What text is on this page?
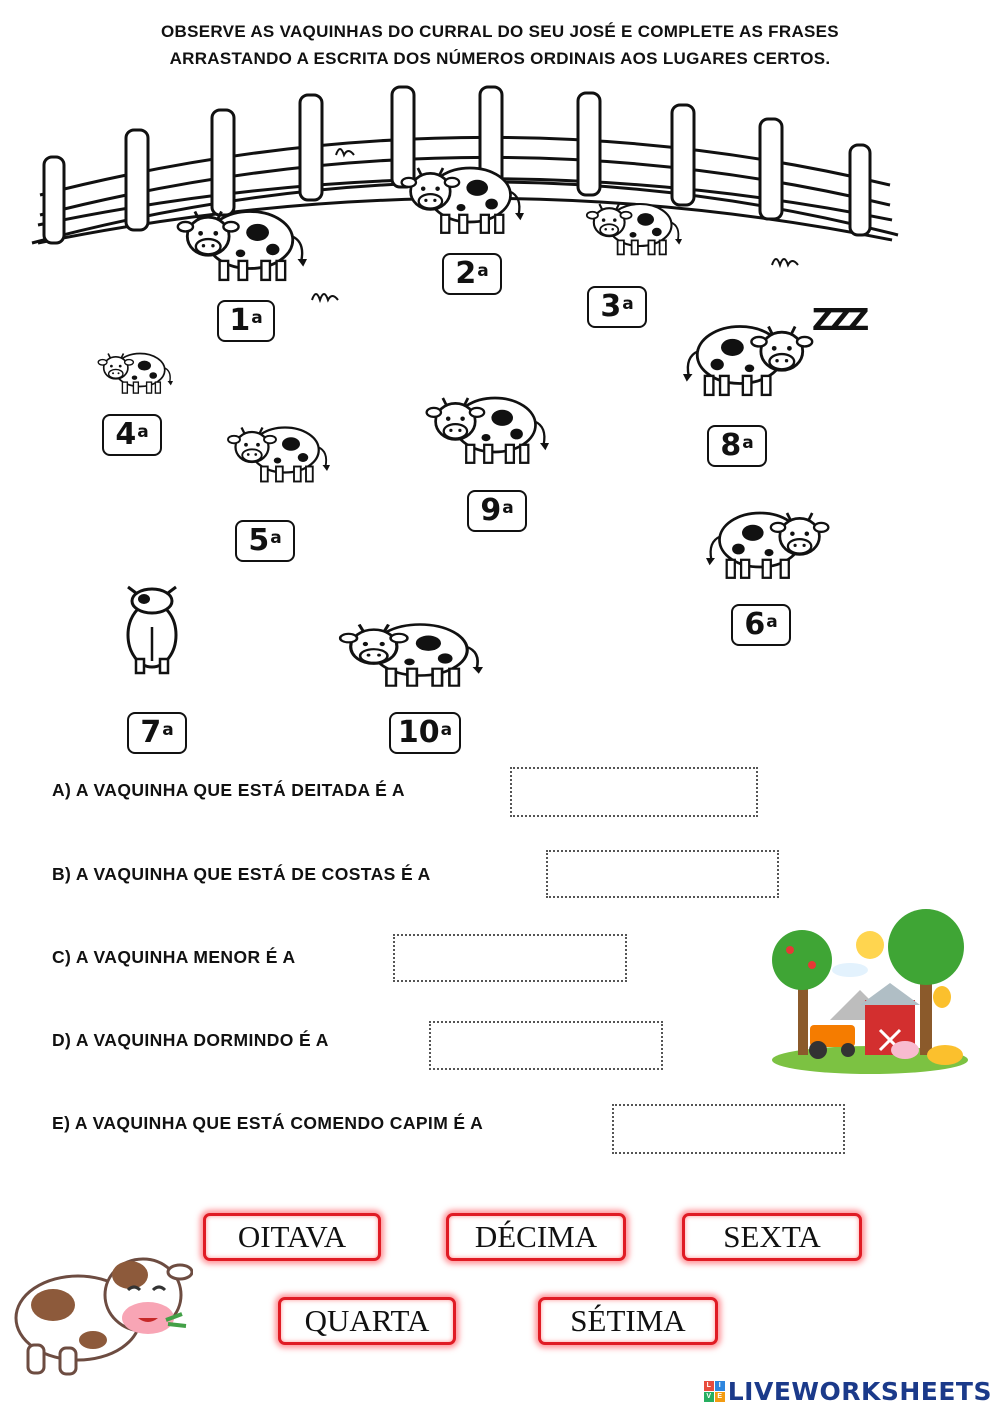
OBSERVE AS VAQUINHAS DO CURRAL DO SEU JOSÉ E COMPLETE AS FRASES
ARRASTANDO A ESCRITA DOS NÚMEROS ORDINAIS AOS LUGARES CERTOS.
ZZZ
1$^a$
2$^a$
3$^a$
4$^a$
5$^a$
6$^a$
7$^a$
8$^a$
9$^a$
10$^a$
A) A VAQUINHA QUE ESTÁ DEITADA É A
B) A VAQUINHA QUE ESTÁ DE COSTAS É A
C) A VAQUINHA MENOR É A
D) A VAQUINHA DORMINDO É A
E) A VAQUINHA QUE ESTÁ COMENDO CAPIM É A
OITAVA	DÉCIMA	SEXTA
QUARTA	SÉTIMA
L	I
V E LIVEWORKSHEETS
